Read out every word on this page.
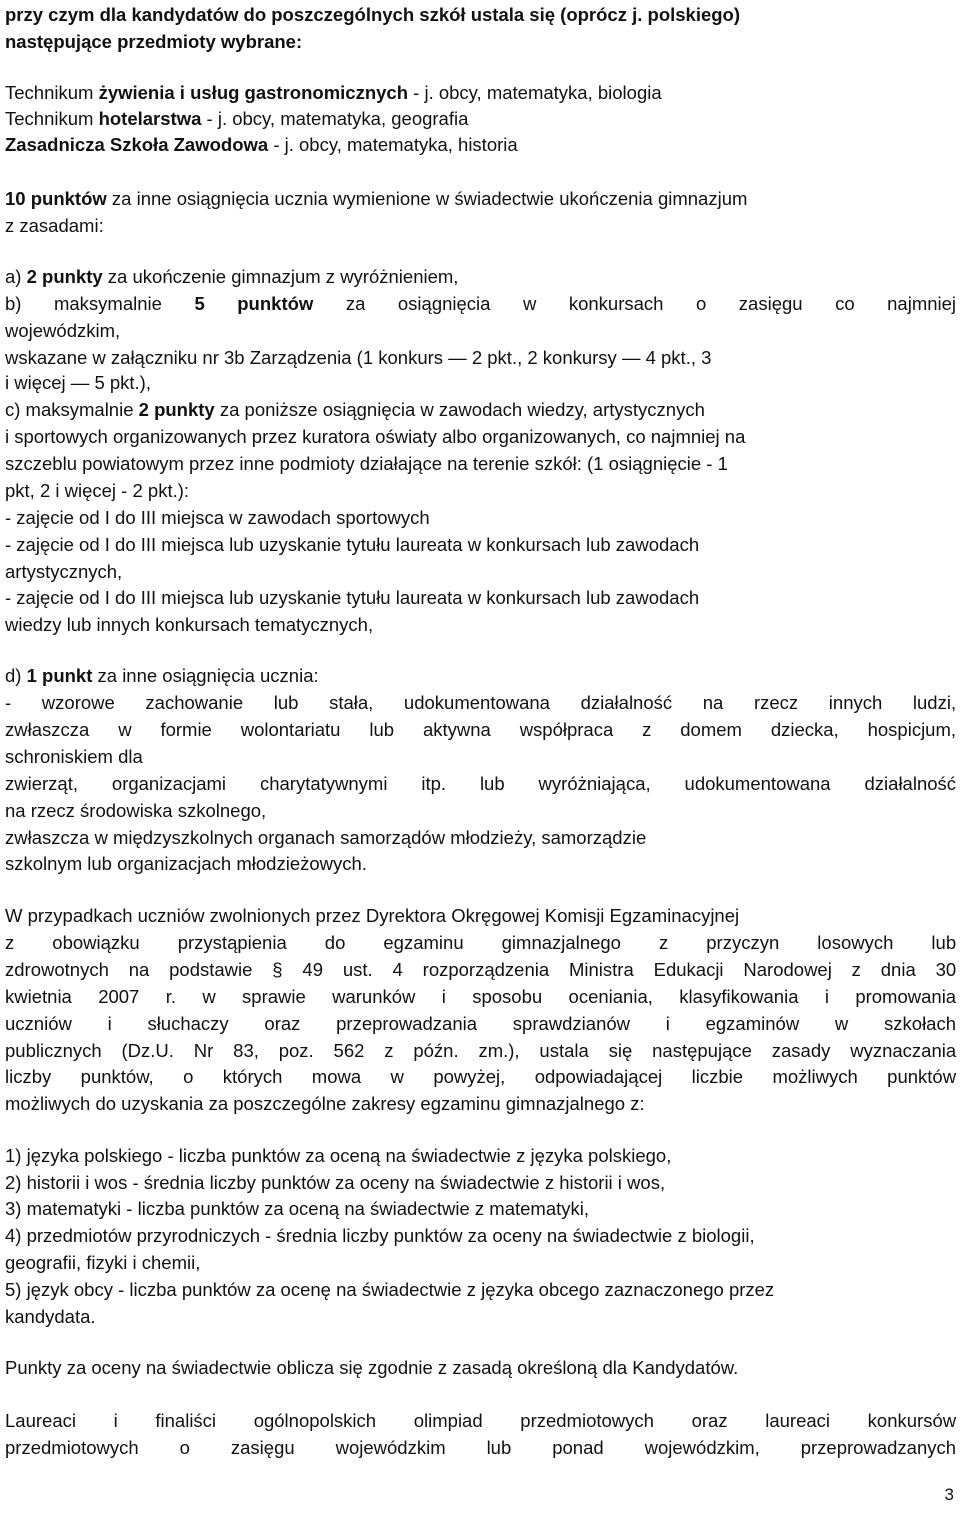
przy czym dla kandydatów do poszczególnych szkół ustala się (oprócz j. polskiego)
następujące przedmioty wybrane:
Technikum żywienia i usług gastronomicznych - j. obcy, matematyka, biologia
Technikum hotelarstwa - j. obcy, matematyka, geografia
Zasadnicza Szkoła Zawodowa - j. obcy, matematyka, historia
10 punktów za inne osiągnięcia ucznia wymienione w świadectwie ukończenia gimnazjum
z zasadami:
a) 2 punkty za ukończenie gimnazjum z wyróżnieniem,
b) maksymalnie 5 punktów za osiągnięcia w konkursach o zasięgu co najmniej
wojewódzkim,
wskazane w załączniku nr 3b Zarządzenia (1 konkurs ― 2 pkt., 2 konkursy ― 4 pkt., 3
i więcej ― 5 pkt.),
c) maksymalnie 2 punkty za poniższe osiągnięcia w zawodach wiedzy, artystycznych
i sportowych organizowanych przez kuratora oświaty albo organizowanych, co najmniej na
szczeblu powiatowym przez inne podmioty działające na terenie szkół: (1 osiągnięcie - 1
pkt, 2 i więcej - 2 pkt.):
- zajęcie od I do III miejsca w zawodach sportowych
- zajęcie od I do III miejsca lub uzyskanie tytułu laureata w konkursach lub zawodach
artystycznych,
- zajęcie od I do III miejsca lub uzyskanie tytułu laureata w konkursach lub zawodach
wiedzy lub innych konkursach tematycznych,
d) 1 punkt za inne osiągnięcia ucznia:
- wzorowe zachowanie lub stała, udokumentowana działalność na rzecz innych ludzi,
zwłaszcza w formie wolontariatu lub aktywna współpraca z domem dziecka, hospicjum,
schroniskiem dla
zwierząt, organizacjami charytatywnymi itp. lub wyróżniająca, udokumentowana działalność
na rzecz środowiska szkolnego,
zwłaszcza w międzyszkolnych organach samorządów młodzieży, samorządzie
szkolnym lub organizacjach młodzieżowych.
W przypadkach uczniów zwolnionych przez Dyrektora Okręgowej Komisji Egzaminacyjnej
z obowiązku przystąpienia do egzaminu gimnazjalnego z przyczyn losowych lub
zdrowotnych na podstawie § 49 ust. 4 rozporządzenia Ministra Edukacji Narodowej z dnia 30
kwietnia 2007 r. w sprawie warunków i sposobu oceniania, klasyfikowania i promowania
uczniów i słuchaczy oraz przeprowadzania sprawdzianów i egzaminów w szkołach
publicznych (Dz.U. Nr 83, poz. 562 z późn. zm.), ustala się następujące zasady wyznaczania
liczby punktów, o których mowa w powyżej, odpowiadającej liczbie możliwych punktów
możliwych do uzyskania za poszczególne zakresy egzaminu gimnazjalnego z:
1) języka polskiego - liczba punktów za oceną na świadectwie z języka polskiego,
2) historii i wos - średnia liczby punktów za oceny na świadectwie z historii i wos,
3) matematyki - liczba punktów za oceną na świadectwie z matematyki,
4) przedmiotów przyrodniczych - średnia liczby punktów za oceny na świadectwie z biologii,
geografii, fizyki i chemii,
5) język obcy - liczba punktów za ocenę na świadectwie z języka obcego zaznaczonego przez
kandydata.
Punkty za oceny na świadectwie oblicza się zgodnie z zasadą określoną dla Kandydatów.
Laureaci i finaliści ogólnopolskich olimpiad przedmiotowych oraz laureaci konkursów
przedmiotowych o zasięgu wojewódzkim lub ponad wojewódzkim, przeprowadzanych
3
